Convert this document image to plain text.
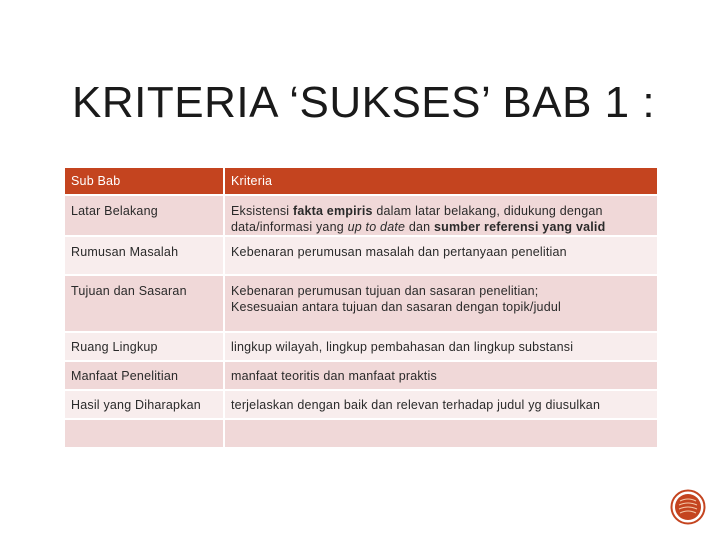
KRITERIA ‘SUKSES’ BAB 1 :
Sub Bab	Kriteria
Latar Belakang	Eksistensi fakta empiris dalam latar belakang, didukung dengan
data/informasi yang up to date dan sumber referensi yang valid
Rumusan Masalah	Kebenaran perumusan masalah dan pertanyaan penelitian
Tujuan dan Sasaran	Kebenaran perumusan tujuan dan sasaran penelitian;
Kesesuaian antara tujuan dan sasaran dengan topik/judul
Ruang Lingkup	lingkup wilayah, lingkup pembahasan dan lingkup substansi
Manfaat Penelitian	manfaat teoritis dan manfaat praktis
Hasil yang Diharapkan	terjelaskan dengan baik dan relevan terhadap judul yg diusulkan
